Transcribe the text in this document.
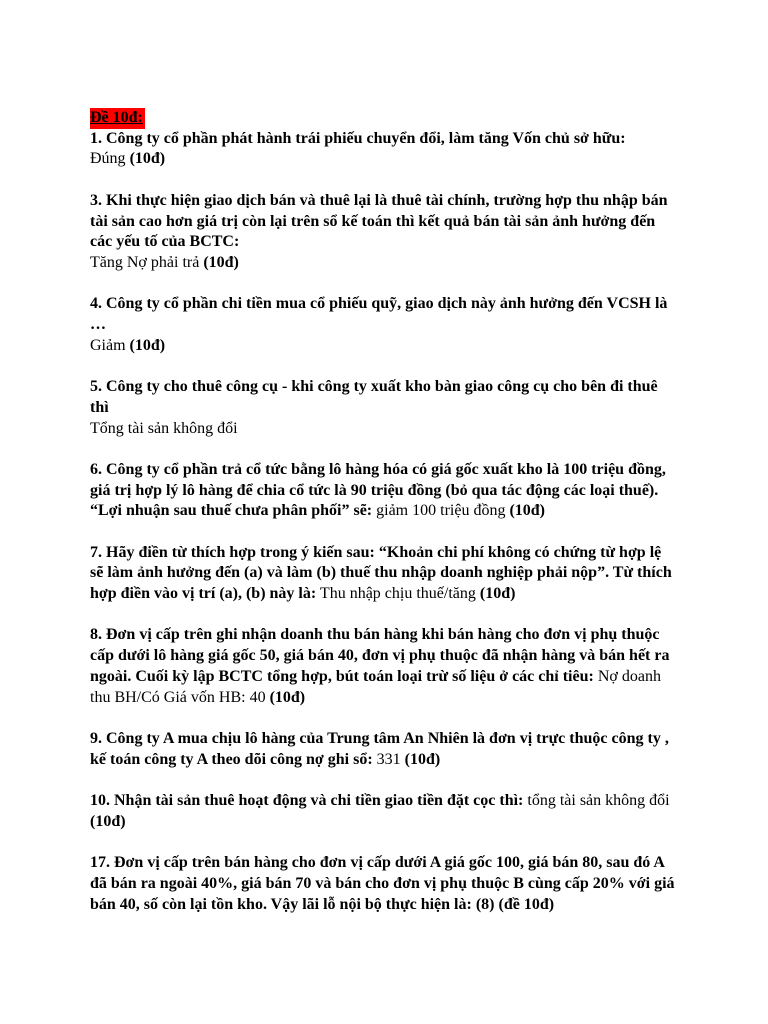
Đề 10đ:
1. Công ty cổ phần phát hành trái phiếu chuyển đổi, làm tăng Vốn chủ sở hữu:
Đúng (10đ)
3. Khi thực hiện giao dịch bán và thuê lại là thuê tài chính, trường hợp thu nhập bán tài sản cao hơn giá trị còn lại trên sổ kế toán thì kết quả bán tài sản ảnh hưởng đến các yếu tố của BCTC:
Tăng Nợ phải trả (10đ)
4. Công ty cổ phần chi tiền mua cổ phiếu quỹ, giao dịch này ảnh hưởng đến VCSH là …
Giảm (10đ)
5. Công ty cho thuê công cụ - khi công ty xuất kho bàn giao công cụ cho bên đi thuê thì
Tổng tài sản không đổi
6. Công ty cổ phần trả cổ tức bằng lô hàng hóa có giá gốc xuất kho là 100 triệu đồng, giá trị hợp lý lô hàng để chia cổ tức là 90 triệu đồng (bỏ qua tác động các loại thuế). “Lợi nhuận sau thuế chưa phân phối” sẽ: giảm 100 triệu đồng (10đ)
7. Hãy điền từ thích hợp trong ý kiến sau: “Khoản chi phí không có chứng từ hợp lệ sẽ làm ảnh hưởng đến (a) và làm (b) thuế thu nhập doanh nghiệp phải nộp”. Từ thích hợp điền vào vị trí (a), (b) này là: Thu nhập chịu thuế/tăng (10đ)
8. Đơn vị cấp trên ghi nhận doanh thu bán hàng khi bán hàng cho đơn vị phụ thuộc cấp dưới lô hàng giá gốc 50, giá bán 40, đơn vị phụ thuộc đã nhận hàng và bán hết ra ngoài. Cuối kỳ lập BCTC tổng hợp, bút toán loại trừ số liệu ở các chỉ tiêu: Nợ doanh thu BH/Có Giá vốn HB: 40 (10đ)
9. Công ty A mua chịu lô hàng của Trung tâm An Nhiên là đơn vị trực thuộc công ty , kế toán công ty A theo dõi công nợ ghi sổ: 331 (10đ)
10. Nhận tài sản thuê hoạt động và chi tiền giao tiền đặt cọc thì: tổng tài sản không đổi (10đ)
17. Đơn vị cấp trên bán hàng cho đơn vị cấp dưới A giá gốc 100, giá bán 80, sau đó A đã bán ra ngoài 40%, giá bán 70 và bán cho đơn vị phụ thuộc B cùng cấp 20% với giá bán 40, số còn lại tồn kho. Vậy lãi lỗ nội bộ thực hiện là: (8) (đề 10đ)
